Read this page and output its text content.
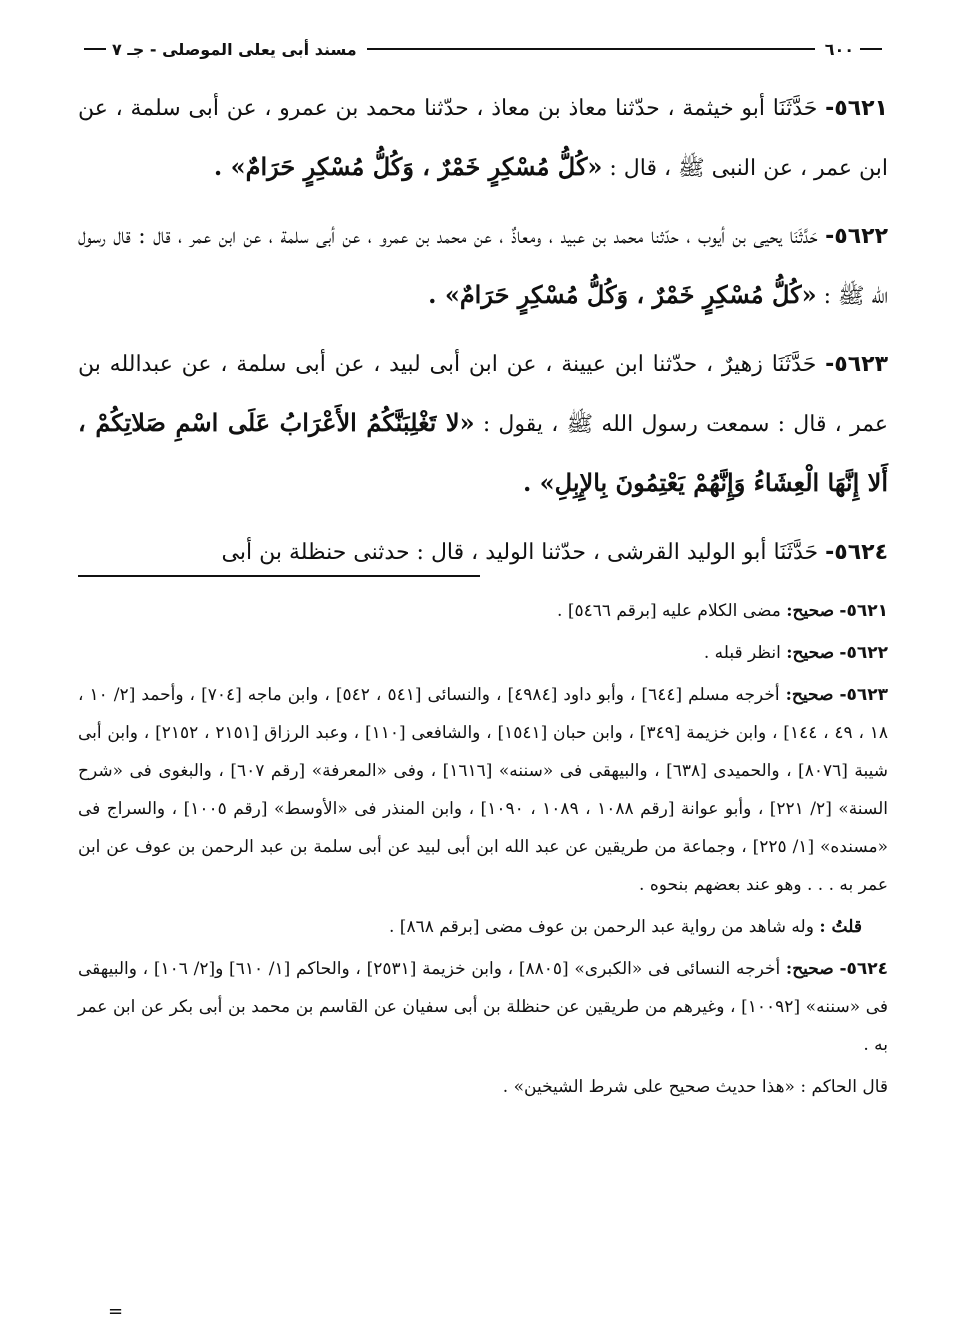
٦٠٠
مسند أبى يعلى الموصلى - جـ ٧

٥٦٢١- حَدَّثَنَا أبو خيثمة ، حدّثنا معاذ بن معاذ ، حدّثنا محمد بن عمرو ، عن أبى سلمة ، عن ابن عمر ، عن النبى ﷺ ، قال : «كُلُّ مُسْكِرٍ خَمْرٌ ، وَكُلُّ مُسْكِرٍ حَرَامٌ» .

٥٦٢٢- حَدَّثَنَا يحيى بن أيوب ، حدّثنا محمد بن عبيد ، ومعاذٌ ، عن محمد بن عمرو ، عن أبى سلمة ، عن ابن عمر ، قال : قال رسول الله ﷺ : «كُلُّ مُسْكِرٍ خَمْرٌ ، وَكُلُّ مُسْكِرٍ حَرَامٌ» .

٥٦٢٣- حَدَّثَنَا زهيرٌ ، حدّثنا ابن عيينة ، عن ابن أبى لبيد ، عن أبى سلمة ، عن عبدالله بن عمر ، قال : سمعت رسول الله ﷺ ، يقول : «لا تَغْلِبَنَّكُمُ الأَعْرَابُ عَلَى اسْمِ صَلاتِكُمْ ، أَلا إِنَّهَا الْعِشَاءُ وَإِنَّهُمْ يَعْتِمُونَ بِالإِبِلِ» .

٥٦٢٤- حَدَّثَنَا أبو الوليد القرشى ، حدّثنا الوليد ، قال : حدثنى حنظلة بن أبى

٥٦٢١- صحيح: مضى الكلام عليه [برقم ٥٤٦٦] .

٥٦٢٢- صحيح: انظر قبله .

٥٦٢٣- صحيح: أخرجه مسلم [٦٤٤] ، وأبو داود [٤٩٨٤] ، والنسائى [٥٤١ ، ٥٤٢] ، وابن ماجه [٧٠٤] ، وأحمد [٢/ ١٠ ، ١٨ ، ٤٩ ، ١٤٤] ، وابن خزيمة [٣٤٩] ، وابن حبان [١٥٤١] ، والشافعى [١١٠] ، وعبد الرزاق [٢١٥١ ، ٢١٥٢] ، وابن أبى شيبة [٨٠٧٦] ، والحميدى [٦٣٨] ، والبيهقى فى «سننه» [١٦١٦] ، وفى «المعرفة» [رقم ٦٠٧] ، والبغوى فى «شرح السنة» [٢/ ٢٢١] ، وأبو عوانة [رقم ١٠٨٨ ، ١٠٨٩ ، ١٠٩٠] ، وابن المنذر فى «الأوسط» [رقم ١٠٠٥] ، والسراج فى «مسنده» [١/ ٢٢٥] ، وجماعة من طريقين عن عبد الله ابن أبى لبيد عن أبى سلمة بن عبد الرحمن بن عوف عن ابن عمر به . . . وهو عند بعضهم بنحوه .

قلتُ : وله شاهد من رواية عبد الرحمن بن عوف مضى [برقم ٨٦٨] .

٥٦٢٤- صحيح: أخرجه النسائى فى «الكبرى» [٨٨٠٥] ، وابن خزيمة [٢٥٣١] ، والحاكم [١/ ٦١٠] و[٢/ ١٠٦] ، والبيهقى فى «سننه» [١٠٠٩٢] ، وغيرهم من طريقين عن حنظلة بن أبى سفيان عن القاسم بن محمد بن أبى بكر عن ابن عمر به .

قال الحاكم : «هذا حديث صحيح على شرط الشيخين» .

=
